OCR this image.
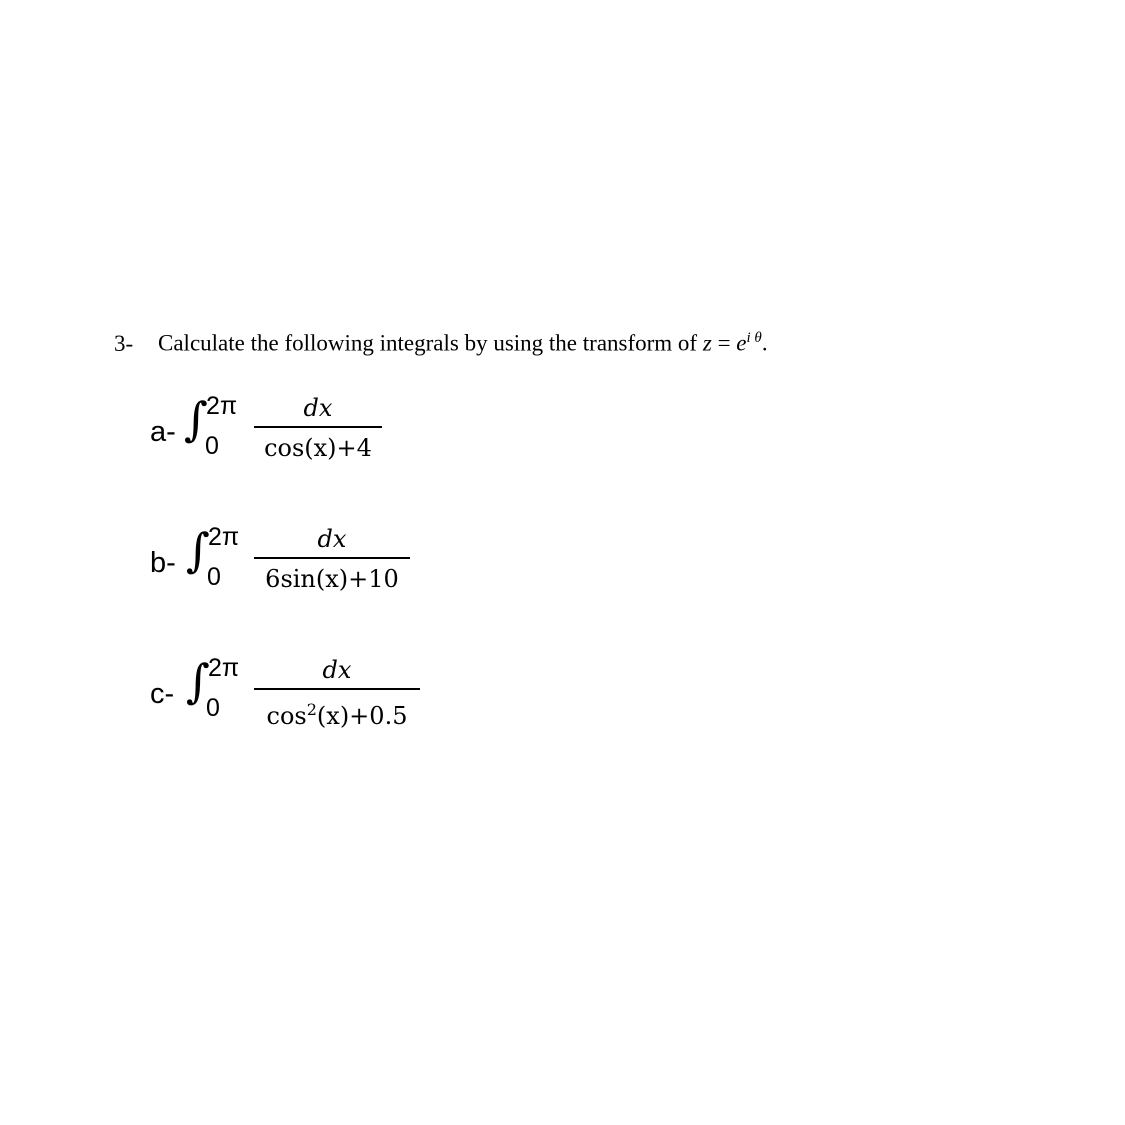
3- Calculate the following integrals by using the transform of $z = e^{i \theta}$.
a- ∫
2π
0
dx
cos(x)+4
b- ∫
2π
0
dx
6sin(x)+10
c- ∫
2π
0
dx
$\cos^2(x)+0.5$
